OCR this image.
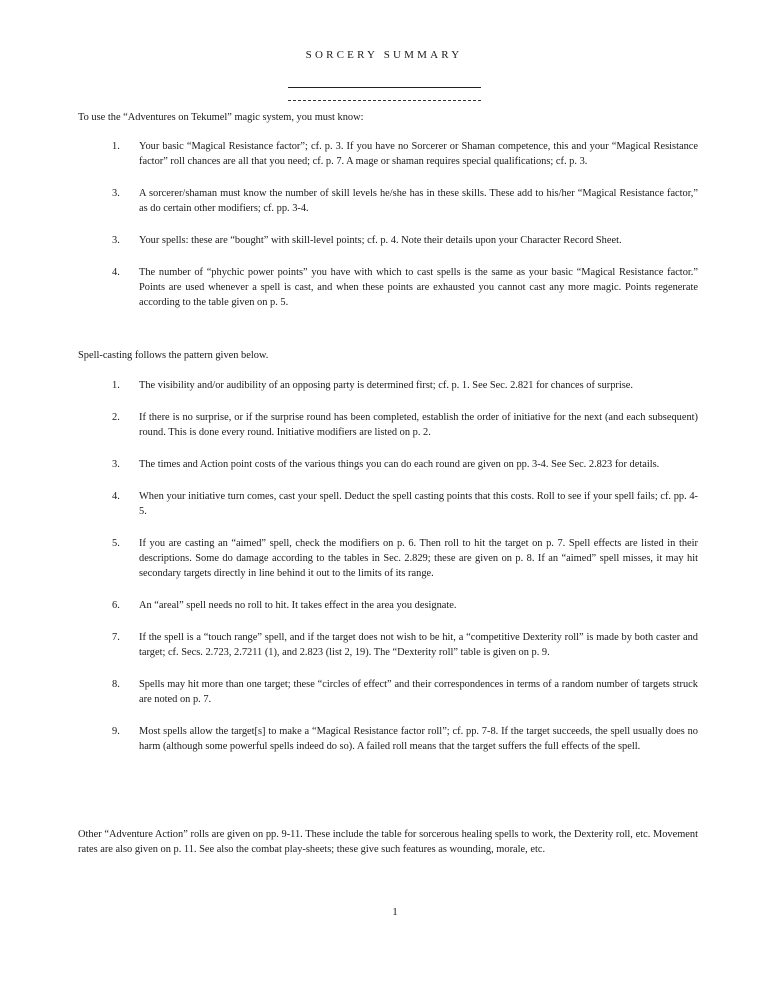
SORCERY SUMMARY
To use the “Adventures on Tekumel” magic system, you must know:
1. Your basic “Magical Resistance factor”; cf. p. 3. If you have no Sorcerer or Shaman competence, this and your “Magical Resistance factor” roll chances are all that you need; cf. p. 7. A mage or shaman requires special qualifications; cf. p. 3.
3. A sorcerer/shaman must know the number of skill levels he/she has in these skills. These add to his/her “Magical Resistance factor,” as do certain other modifiers; cf. pp. 3-4.
3. Your spells: these are “bought” with skill-level points; cf. p. 4. Note their details upon your Character Record Sheet.
4. The number of “phychic power points” you have with which to cast spells is the same as your basic “Magical Resistance factor.” Points are used whenever a spell is cast, and when these points are exhausted you cannot cast any more magic. Points regenerate according to the table given on p. 5.
Spell-casting follows the pattern given below.
1. The visibility and/or audibility of an opposing party is determined first; cf. p. 1. See Sec. 2.821 for chances of surprise.
2. If there is no surprise, or if the surprise round has been completed, establish the order of initiative for the next (and each subsequent) round. This is done every round. Initiative modifiers are listed on p. 2.
3. The times and Action point costs of the various things you can do each round are given on pp. 3-4. See Sec. 2.823 for details.
4. When your initiative turn comes, cast your spell. Deduct the spell casting points that this costs. Roll to see if your spell fails; cf. pp. 4-5.
5. If you are casting an “aimed” spell, check the modifiers on p. 6. Then roll to hit the target on p. 7. Spell effects are listed in their descriptions. Some do damage according to the tables in Sec. 2.829; these are given on p. 8. If an “aimed” spell misses, it may hit secondary targets directly in line behind it out to the limits of its range.
6. An “areal” spell needs no roll to hit. It takes effect in the area you designate.
7. If the spell is a “touch range” spell, and if the target does not wish to be hit, a “competitive Dexterity roll” is made by both caster and target; cf. Secs. 2.723, 2.7211 (1), and 2.823 (list 2, 19). The “Dexterity roll” table is given on p. 9.
8. Spells may hit more than one target; these “circles of effect” and their correspondences in terms of a random number of targets struck are noted on p. 7.
9. Most spells allow the target[s] to make a “Magical Resistance factor roll”; cf. pp. 7-8. If the target succeeds, the spell usually does no harm (although some powerful spells indeed do so). A failed roll means that the target suffers the full effects of the spell.
Other “Adventure Action” rolls are given on pp. 9-11. These include the table for sorcerous healing spells to work, the Dexterity roll, etc. Movement rates are also given on p. 11. See also the combat play-sheets; these give such features as wounding, morale, etc.
1
